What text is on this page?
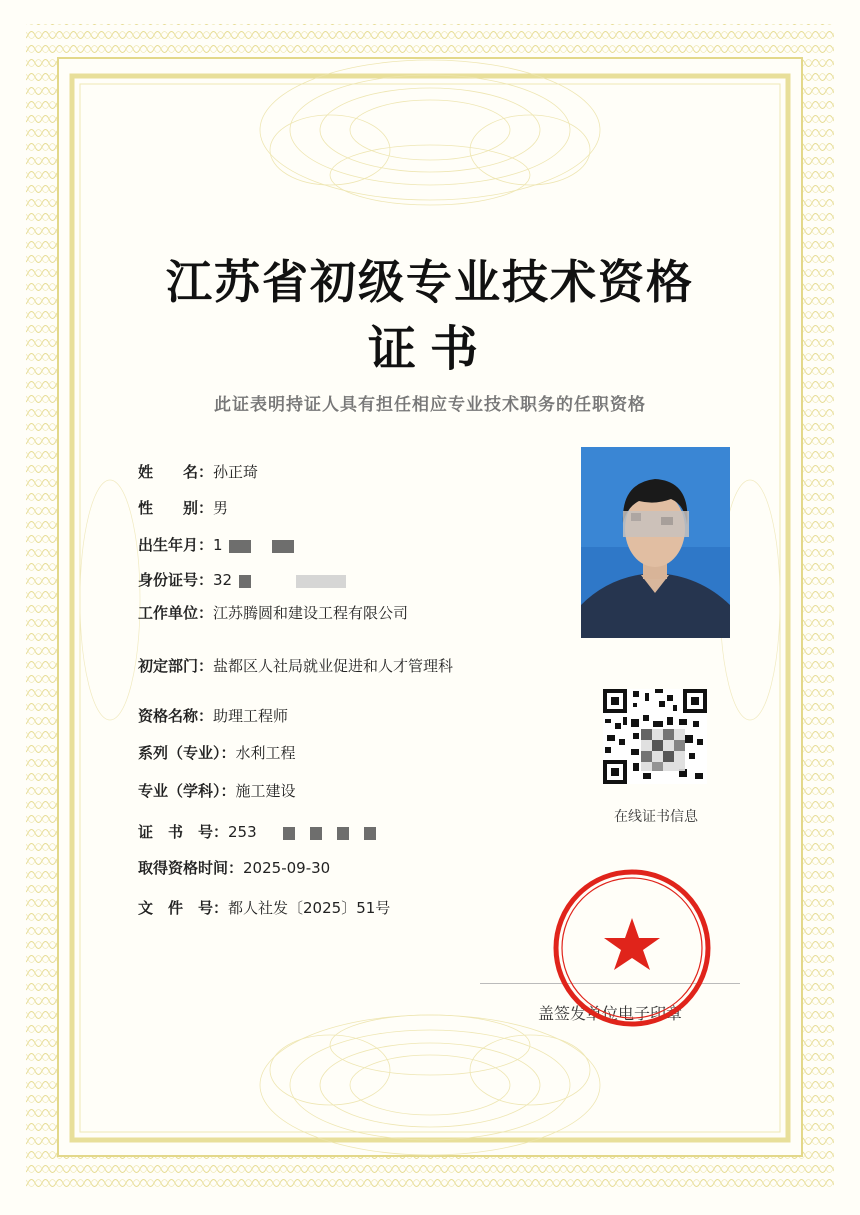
江苏省初级专业技术资格
证书
此证表明持证人具有担任相应专业技术职务的任职资格
姓　　名：孙正琦
性　　别：男
出生年月：1
身份证号：32
工作单位：江苏腾圆和建设工程有限公司
初定部门：盐都区人社局就业促进和人才管理科
资格名称：助理工程师
系列（专业）：水利工程
专业（学科）：施工建设
证　书　号：253
取得资格时间：2025-09-30
文　件　号：都人社发〔2025〕51号
在线证书信息
盖签发单位电子印章
